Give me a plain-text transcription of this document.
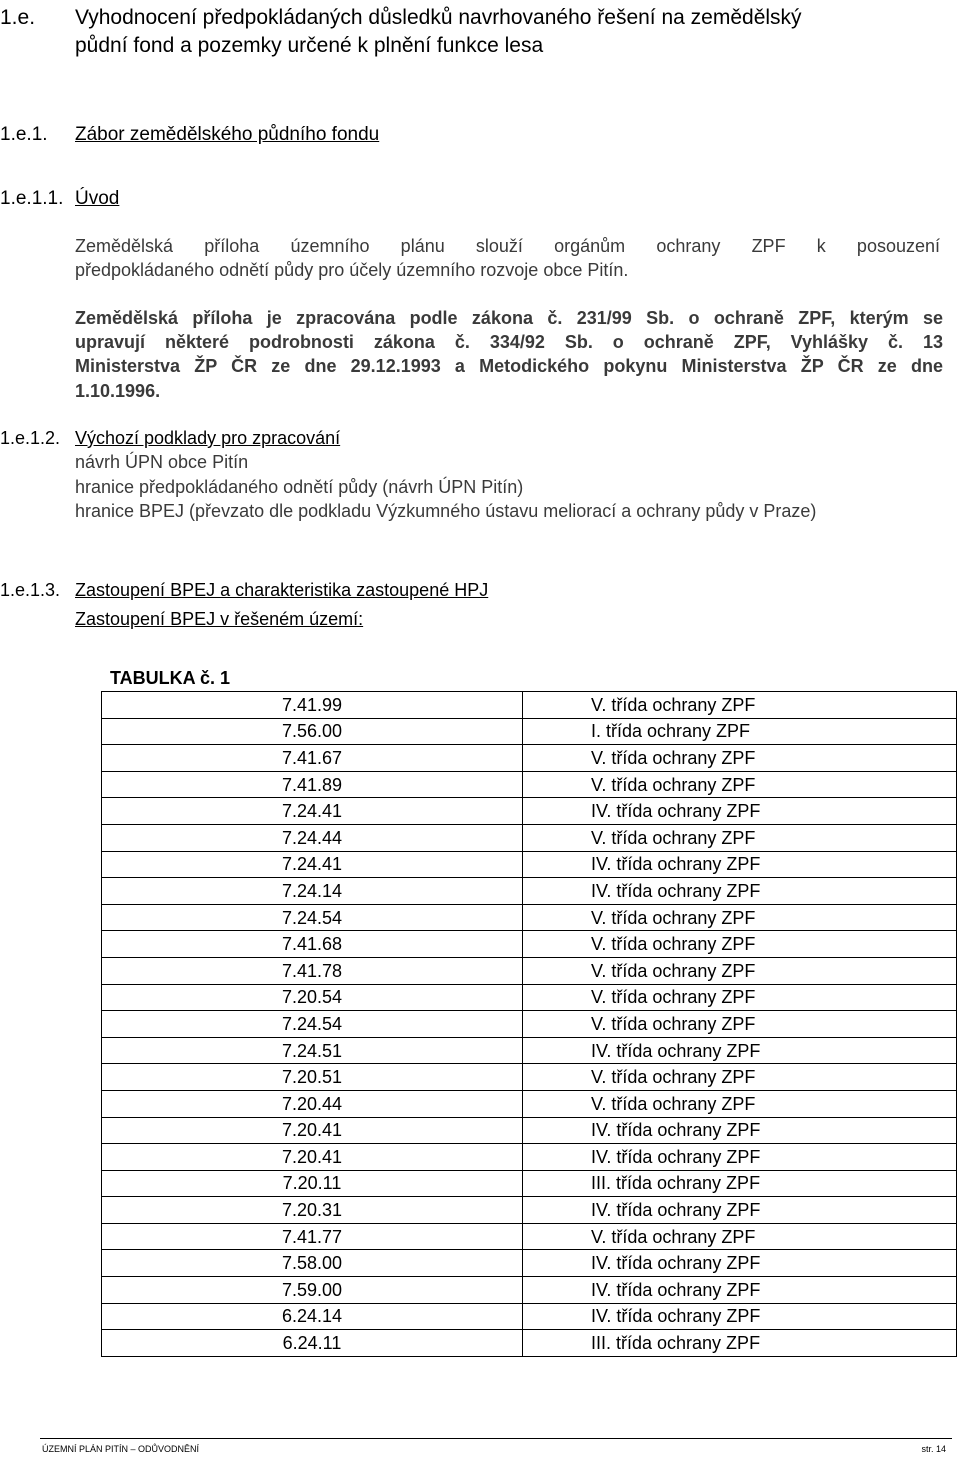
1.e. Vyhodnocení předpokládaných důsledků navrhovaného řešení na zemědělský
půdní fond a pozemky určené k plnění funkce lesa
1.e.1. Zábor zemědělského půdního fondu
1.e.1.1. Úvod
Zemědělská příloha územního plánu slouží orgánům ochrany ZPF k posouzení
předpokládaného odnětí půdy pro účely územního rozvoje obce Pitín.
Zemědělská příloha je zpracována podle zákona č. 231/99 Sb. o ochraně ZPF, kterým se
upravují některé podrobnosti zákona č. 334/92 Sb. o ochraně ZPF, Vyhlášky č. 13
Ministerstva ŽP ČR ze dne 29.12.1993 a Metodického pokynu Ministerstva ŽP ČR ze dne
1.10.1996.
1.e.1.2. Výchozí podklady pro zpracování
návrh ÚPN obce Pitín
hranice předpokládaného odnětí půdy (návrh ÚPN Pitín)
hranice BPEJ (převzato dle podkladu Výzkumného ústavu meliorací a ochrany půdy v Praze)
1.e.1.3. Zastoupení BPEJ a charakteristika zastoupené HPJ
Zastoupení BPEJ v řešeném území:
TABULKA č. 1
7.41.99	V. třída ochrany ZPF
7.56.00	I. třída ochrany ZPF
7.41.67	V. třída ochrany ZPF
7.41.89	V. třída ochrany ZPF
7.24.41	IV. třída ochrany ZPF
7.24.44	V. třída ochrany ZPF
7.24.41	IV. třída ochrany ZPF
7.24.14	IV. třída ochrany ZPF
7.24.54	V. třída ochrany ZPF
7.41.68	V. třída ochrany ZPF
7.41.78	V. třída ochrany ZPF
7.20.54	V. třída ochrany ZPF
7.24.54	V. třída ochrany ZPF
7.24.51	IV. třída ochrany ZPF
7.20.51	V. třída ochrany ZPF
7.20.44	V. třída ochrany ZPF
7.20.41	IV. třída ochrany ZPF
7.20.41	IV. třída ochrany ZPF
7.20.11	III. třída ochrany ZPF
7.20.31	IV. třída ochrany ZPF
7.41.77	V. třída ochrany ZPF
7.58.00	IV. třída ochrany ZPF
7.59.00	IV. třída ochrany ZPF
6.24.14	IV. třída ochrany ZPF
6.24.11	III. třída ochrany ZPF
ÚZEMNÍ PLÁN PITÍN – ODŮVODNĚNÍ	str. 14
